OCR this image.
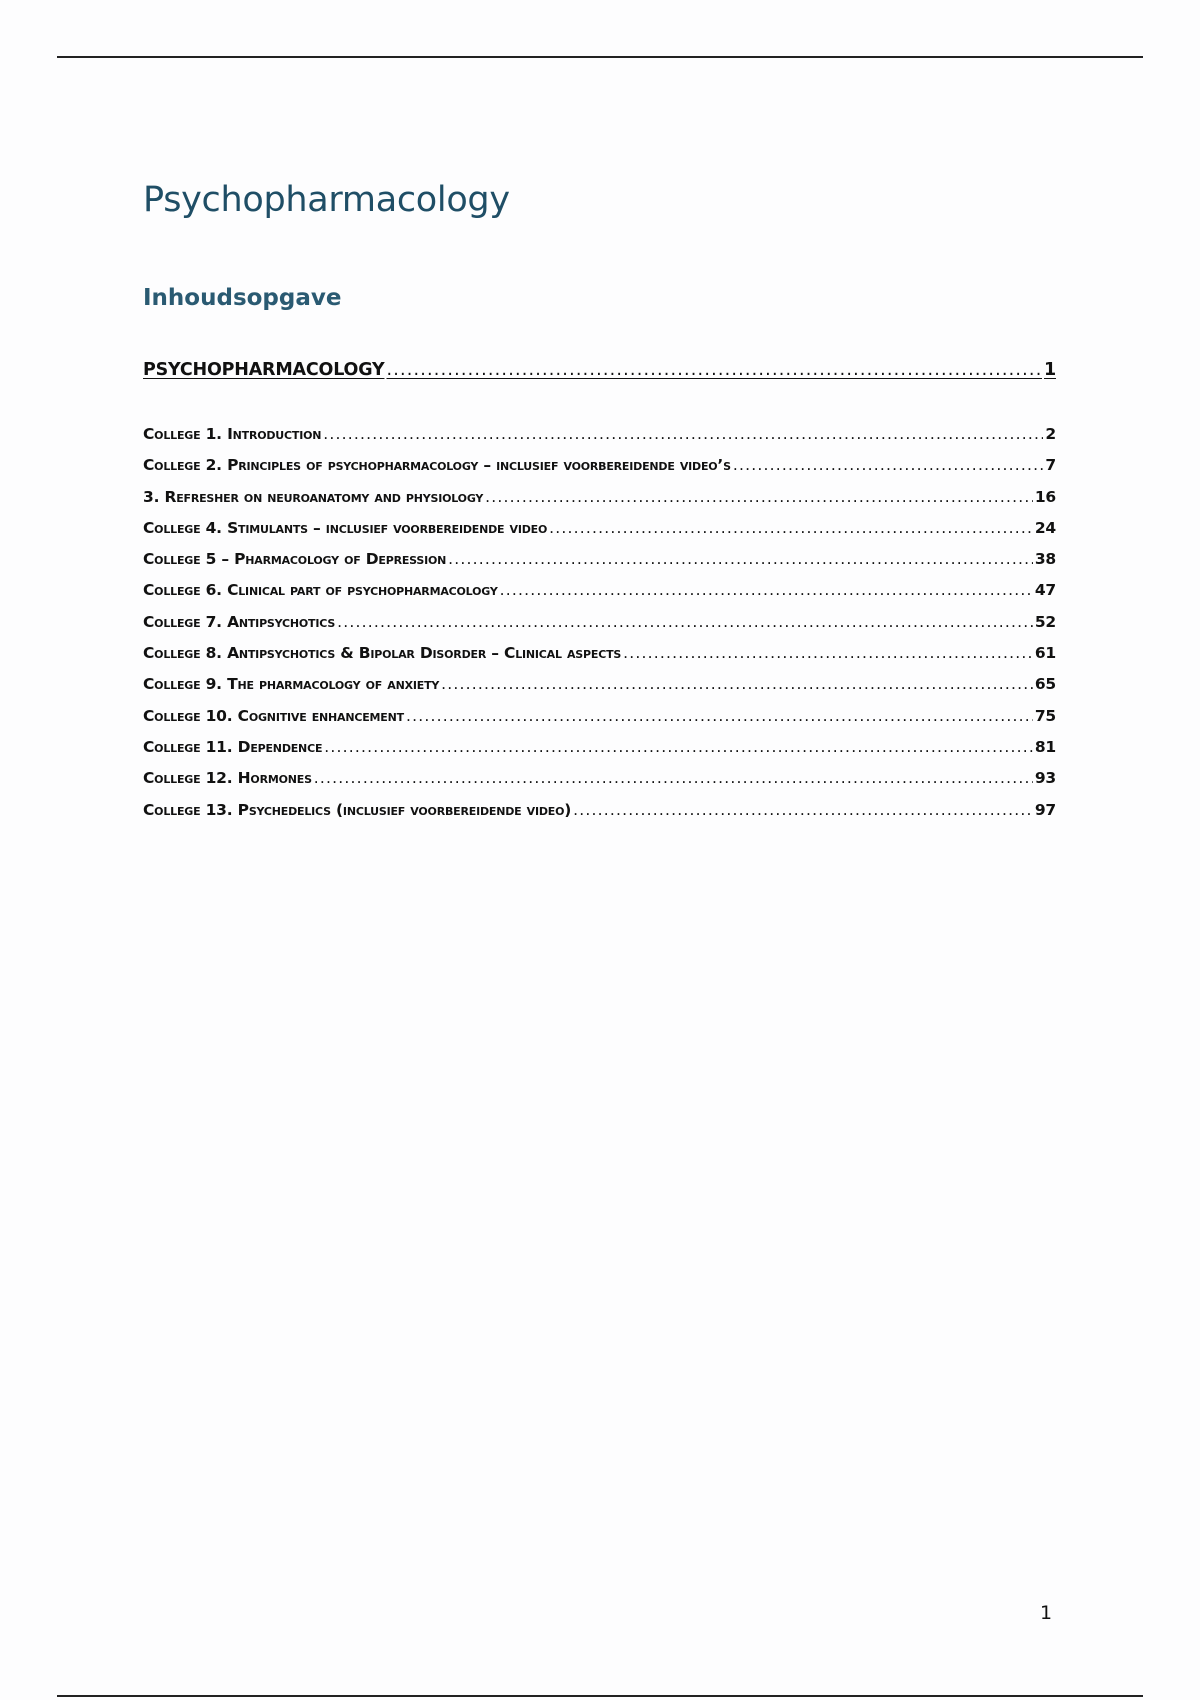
Psychopharmacology
Inhoudsopgave
PSYCHOPHARMACOLOGY .....	1
College 1. Introduction .....	2
College 2. Principles of psychopharmacology – inclusief voorbereidende video’s .....	7
3. Refresher on neuroanatomy and physiology .....	16
College 4. Stimulants – inclusief voorbereidende video .....	24
College 5 – Pharmacology of Depression .....	38
College 6. Clinical part of psychopharmacology .....	47
College 7. Antipsychotics .....	52
College 8. Antipsychotics & Bipolar Disorder – Clinical aspects .....	61
College 9. The pharmacology of anxiety .....	65
College 10. Cognitive enhancement .....	75
College 11. Dependence .....	81
College 12. Hormones .....	93
College 13. Psychedelics (inclusief voorbereidende video) .....	97
1
